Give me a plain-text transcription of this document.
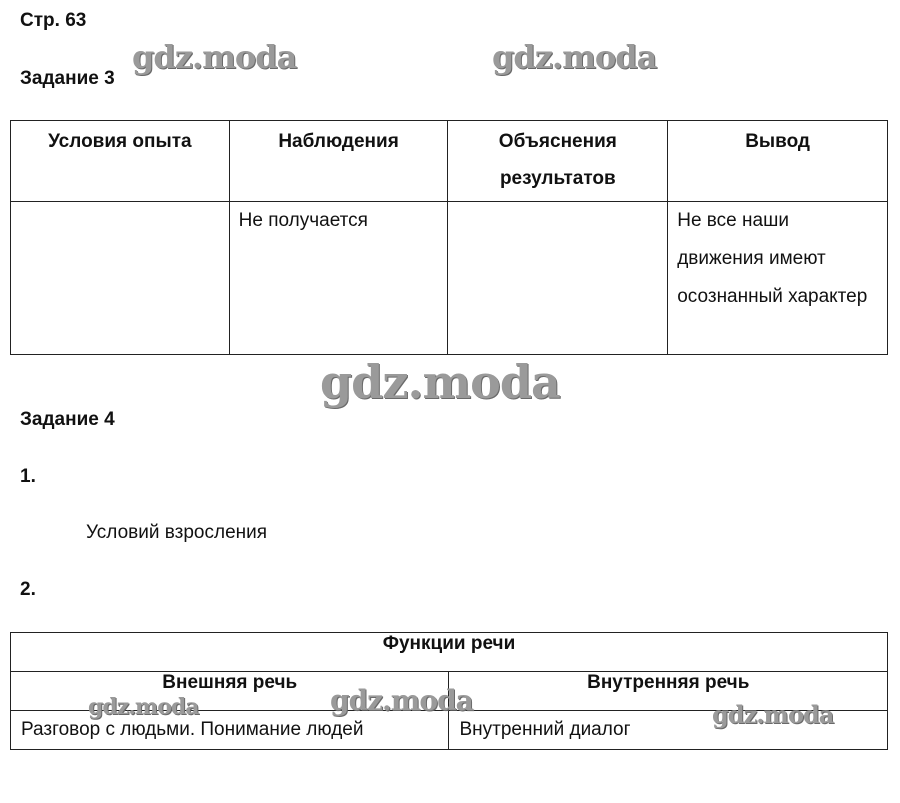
Стр. 63
gdz.moda	gdz.moda
Задание 3
Условия опыта	Наблюдения	Объяснения результатов	Вывод
	Не получается		Не все наши движения имеют осознанный характер
gdz.moda
Задание 4
1.
Условий взросления
2.
Функции речи	
Внешняя речь	Внутренняя речь
Разговор с людьми. Понимание людей	Внутренний диалог
gdz.moda	gdz.moda	gdz.moda
